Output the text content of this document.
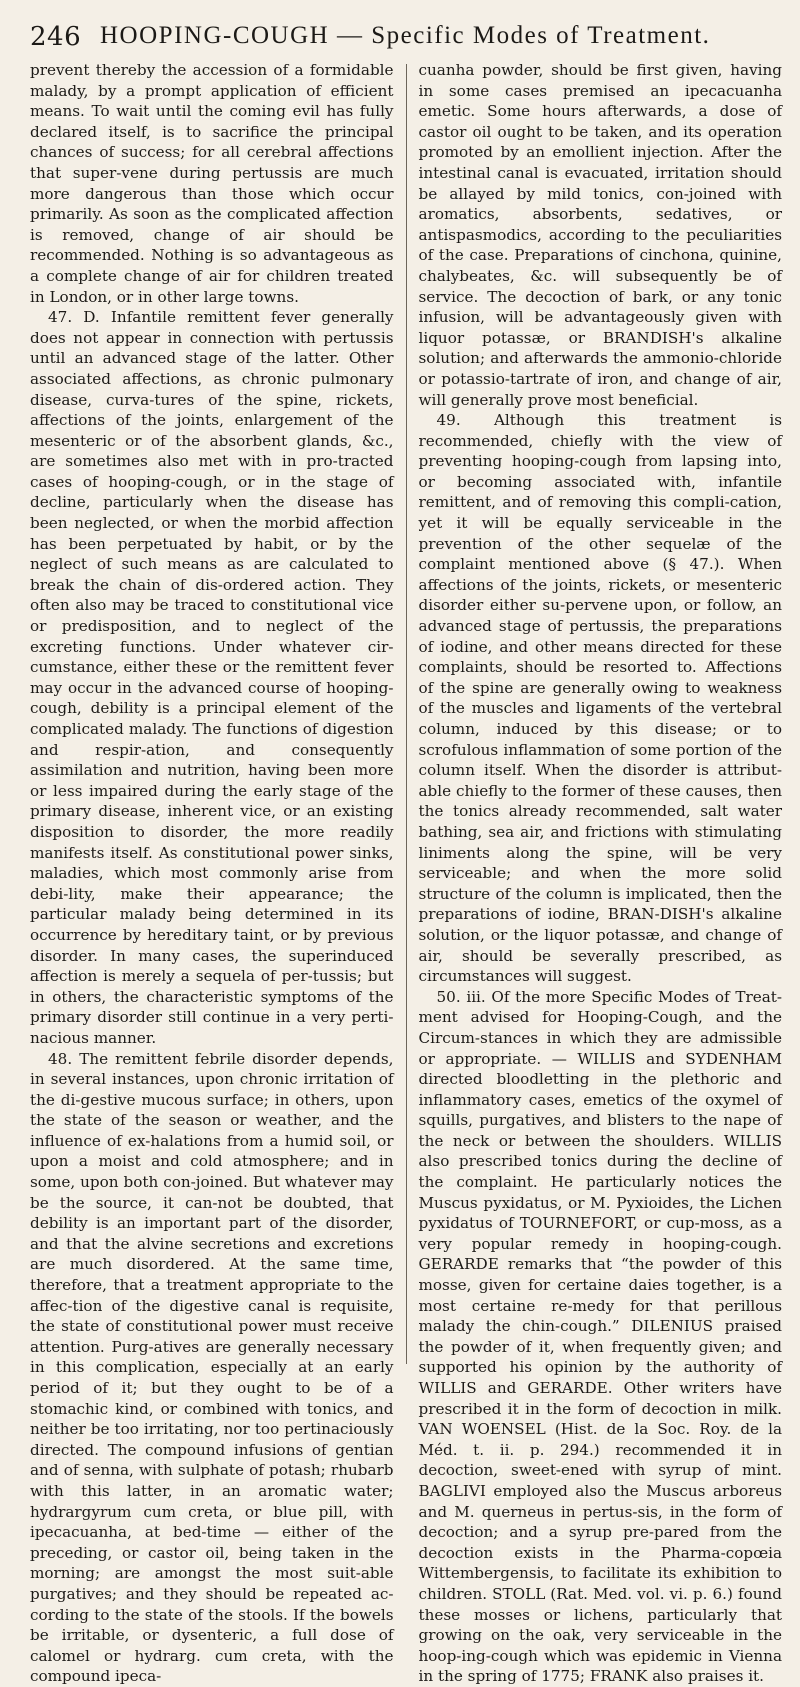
246 HOOPING-COUGH — Specific Modes of Treatment.

prevent thereby the accession of a formidable malady, by a prompt application of efficient means. To wait until the coming evil has fully declared itself, is to sacrifice the principal chances of success; for all cerebral affections that super-vene during pertussis are much more dangerous than those which occur primarily. As soon as the complicated affection is removed, change of air should be recommended. Nothing is so advantageous as a complete change of air for children treated in London, or in other large towns.

47. D. Infantile remittent fever generally does not appear in connection with pertussis until an advanced stage of the latter. Other associated affections, as chronic pulmonary disease, curva-tures of the spine, rickets, affections of the joints, enlargement of the mesenteric or of the absorbent glands, &c., are sometimes also met with in pro-tracted cases of hooping-cough, or in the stage of decline, particularly when the disease has been neglected, or when the morbid affection has been perpetuated by habit, or by the neglect of such means as are calculated to break the chain of dis-ordered action. They often also may be traced to constitutional vice or predisposition, and to neglect of the excreting functions. Under whatever cir-cumstance, either these or the remittent fever may occur in the advanced course of hooping-cough, debility is a principal element of the complicated malady. The functions of digestion and respir-ation, and consequently assimilation and nutrition, having been more or less impaired during the early stage of the primary disease, inherent vice, or an existing disposition to disorder, the more readily manifests itself. As constitutional power sinks, maladies, which most commonly arise from debi-lity, make their appearance; the particular malady being determined in its occurrence by hereditary taint, or by previous disorder. In many cases, the superinduced affection is merely a sequela of per-tussis; but in others, the characteristic symptoms of the primary disorder still continue in a very perti-nacious manner.

48. The remittent febrile disorder depends, in several instances, upon chronic irritation of the di-gestive mucous surface; in others, upon the state of the season or weather, and the influence of ex-halations from a humid soil, or upon a moist and cold atmosphere; and in some, upon both con-joined. But whatever may be the source, it can-not be doubted, that debility is an important part of the disorder, and that the alvine secretions and excretions are much disordered. At the same time, therefore, that a treatment appropriate to the affec-tion of the digestive canal is requisite, the state of constitutional power must receive attention. Purg-atives are generally necessary in this complication, especially at an early period of it; but they ought to be of a stomachic kind, or combined with tonics, and neither be too irritating, nor too pertinaciously directed. The compound infusions of gentian and of senna, with sulphate of potash; rhubarb with this latter, in an aromatic water; hydrargyrum cum creta, or blue pill, with ipecacuanha, at bed-time — either of the preceding, or castor oil, being taken in the morning; are amongst the most suit-able purgatives; and they should be repeated ac-cording to the state of the stools. If the bowels be irritable, or dysenteric, a full dose of calomel or hydrarg. cum creta, with the compound ipeca-

cuanha powder, should be first given, having in some cases premised an ipecacuanha emetic. Some hours afterwards, a dose of castor oil ought to be taken, and its operation promoted by an emollient injection. After the intestinal canal is evacuated, irritation should be allayed by mild tonics, con-joined with aromatics, absorbents, sedatives, or antispasmodics, according to the peculiarities of the case. Preparations of cinchona, quinine, chalybeates, &c. will subsequently be of service. The decoction of bark, or any tonic infusion, will be advantageously given with liquor potassæ, or BRANDISH's alkaline solution; and afterwards the ammonio-chloride or potassio-tartrate of iron, and change of air, will generally prove most beneficial.

49. Although this treatment is recommended, chiefly with the view of preventing hooping-cough from lapsing into, or becoming associated with, infantile remittent, and of removing this compli-cation, yet it will be equally serviceable in the prevention of the other sequelæ of the complaint mentioned above (§ 47.). When affections of the joints, rickets, or mesenteric disorder either su-pervene upon, or follow, an advanced stage of pertussis, the preparations of iodine, and other means directed for these complaints, should be resorted to. Affections of the spine are generally owing to weakness of the muscles and ligaments of the vertebral column, induced by this disease; or to scrofulous inflammation of some portion of the column itself. When the disorder is attribut-able chiefly to the former of these causes, then the tonics already recommended, salt water bathing, sea air, and frictions with stimulating liniments along the spine, will be very serviceable; and when the more solid structure of the column is implicated, then the preparations of iodine, BRAN-DISH's alkaline solution, or the liquor potassæ, and change of air, should be severally prescribed, as circumstances will suggest.

50. iii. Of the more Specific Modes of Treat-ment advised for Hooping-Cough, and the Circum-stances in which they are admissible or appropriate. — WILLIS and SYDENHAM directed bloodletting in the plethoric and inflammatory cases, emetics of the oxymel of squills, purgatives, and blisters to the nape of the neck or between the shoulders. WILLIS also prescribed tonics during the decline of the complaint. He particularly notices the Muscus pyxidatus, or M. Pyxioides, the Lichen pyxidatus of TOURNEFORT, or cup-moss, as a very popular remedy in hooping-cough. GERARDE remarks that “the powder of this mosse, given for certaine daies together, is a most certaine re-medy for that perillous malady the chin-cough.” DILENIUS praised the powder of it, when frequently given; and supported his opinion by the authority of WILLIS and GERARDE. Other writers have prescribed it in the form of decoction in milk. VAN WOENSEL (Hist. de la Soc. Roy. de la Méd. t. ii. p. 294.) recommended it in decoction, sweet-ened with syrup of mint. BAGLIVI employed also the Muscus arboreus and M. querneus in pertus-sis, in the form of decoction; and a syrup pre-pared from the decoction exists in the Pharma-copœia Wittembergensis, to facilitate its exhibition to children. STOLL (Rat. Med. vol. vi. p. 6.) found these mosses or lichens, particularly that growing on the oak, very serviceable in the hoop-ing-cough which was epidemic in Vienna in the spring of 1775; FRANK also praises it.
